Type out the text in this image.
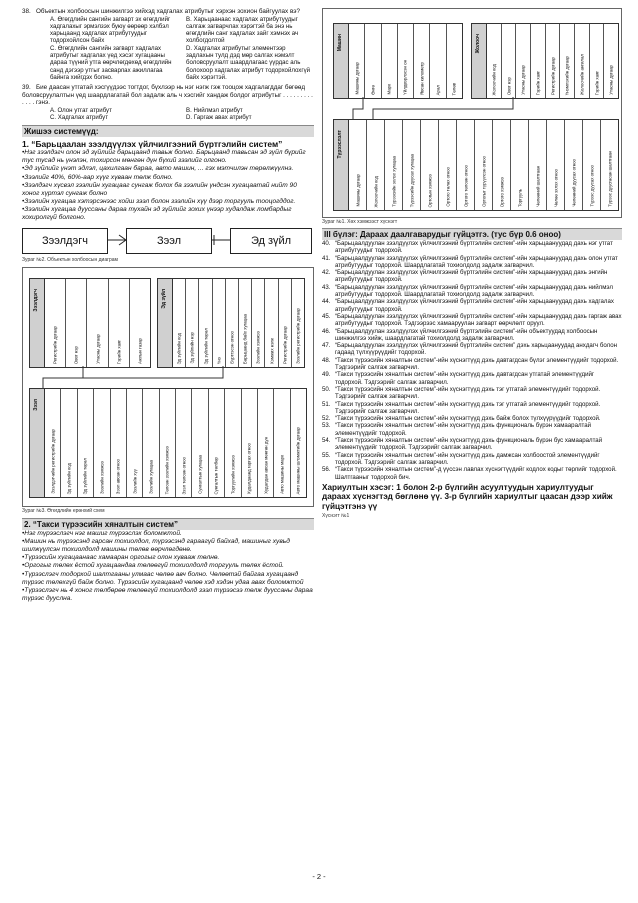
38. Объектын холбоосын шинжилгээ хийхэд хадгалах атрибутыг хэрхэн зохион байгуулах вэ?
A. Өгөгдлийн сангийн загварт эх өгөгдлийг хадгалахыг эрмэлзэх буюу өөрөөр хэлбэл харьцаанд хадгалах атрибутуудыг тодорхойлсон байх
B. Харьцаанаас хадгалах атрибутуудыг салгаж загварчлах хэрэгтэй ба энэ нь өгөгдлийн санг хадгалах зайг хэмнэх ач холбогдолтой
C. Өгөгдлийн сангийн загварт хадгалах атрибутыг хадгалах үед хэсэг хугацааны дараа түүний утга өөрчлөгдөхөд өгөгдлийн санд дэгээр утгыг засварлах ажиллагаа байнга хийгдэх болно.
D. Хадгалах атрибутыг элементээр задлахын тулд дэд мөр салгах нэмэлт боловсруулалт шаардлагаас үүрдас аль болохоор хадгалах атрибут тодорхойлохгүй байх хэрэгтэй.
39. Бие даасан утгатай хэсгүүдээс тогтдог, бүхлээр нь нэг нэгж гэж тооцож хадгалагддаг бөгөөд боловсруулалтын үед шаардлагатай бол задалж аль ч хэсгийг хандаж болдог атрибутыг . . . . . . . . . . . . . гэнэ.
A. Олон утгат атрибут	B. Нийлмэл атрибут
C. Хадгалах атрибут	D. Гаргаж авах атрибут
Жишээ системүүд:
1. “Барьцаалан зээлдүүлэх үйлчилгээний бүртгэлийн систем”
•Нэг зээлдэгч олон эд зүйлийг барьцаанд тавьж болно. Барьцаанд тавьсан эд зүйл бүрийг тус тусад нь үнэлэн, тохирсон мөнгөн дүн бүхий зээлийг олгоно.
•Эд зүйлийг үнэт эдлэл, цахилгаан бараа, авто машин, ... гэх мэтчилэн төрөлжүүлнэ.
•Зээлийг 40%, 60%-аар хүүг хүваан төлж болно.
•Зээлдэгч хүсвэл зээлийн хугацааг сунгаж болох ба зээлийн үндсэн хугацаатай нийт 90 хоног хүртэл сунгаж болно
•Зээлийн хугацаа хэтэрсэнээс хойш зээл болон зээлийн хүү дээр торгууль тооцогддог.
•Зээлийн хугацаа дууссаны дараа тухайн эд зүйлийг зохих үнээр худалдаж ломбардыг хохиролгүй болгоно.
Зээлдэгч	Зээл	Эд зүйл
Зураг №2. Объектын холбоосын диаграм
Зээлдэгч
Регистрийн дугаар	Овог нэр	Утасны дугаар	Гэрийн хаяг	Ажлын газар
Эд зүйл
Эд зүйлийн код Эд зүйлийн нэр Эд зүйлийн төрөл Үнэ Бүртгэсэн огноо Барьцаанд байх хугацаа Зээлийн хэмжээ Хэмжих нэгж Регистрийн дугаар Зээлийн регистрийн дугаар
Зээл
Зээлдэгчийн регистрийн дугаар	Эд зүйлийн код	Эд зүйлийн төрөл	Зээлийн хэмжээ	Зээл авсан огноо	Зээлийн хүү	Зээлийн хугацаа	Төлсөн зээлийн хэмжээ	Зээл төлсөн огноо	Сунгалтын хугацаа	Сунгалтын төлбөр	Торгуулийн хэмжээ	Худалдаанд гаргах огноо	Худалдан авсан мөнгөн дүн	Авто машины марк	Авто машины шлэмжтийн дугаар
Зураг №3. Өгөгдлийн ерөнхий схем
2. “Такси түрээсийн хяналтын систем”
•Нэг түрээслэгч нэг машиг түрээслэх боломжтой.
•Машин нь түрээсэнд гарсан тохиолдол, түрээсэнд гараагүй байхад, машиныг хувьд шилжүүлсэн тохиолдолд машины төлөв өөрчлөгдөнө.
•Түрээсийн хугацаанаас хамааран оргогыг олон хувааж төлнө.
•Оргогыг төлөх ёстой хугацаандаа төлөөгүй тохиолдолд торгууль төлөх ёстой.
•Түрээслэгч тодорхой шалтгааны улмаас чөлөө авч болно. Чөлөөтэй байгаа хугацаанд түрээс төлөхгүй байж болно. Түрээсийн хугацаанд чөлөө хэд хэдэн удаа авах боломжтой
•Түрээслэгч нь 4 хоног төлбөрөө төлөөгүй тохиолдолд зээл түрээсээ төлж дууссаны дараа түрээс дууслна.
Машин
Машины дугаар	Өнгө	Марк	Үйлдвэрлэсэн он	Явсан километр	Арал	Төлөв
Жолооч
Жолоочийн код Овог нэр Утасны дугаар Гэрийн хаяг Регистрийн дугаар Үнэмлэхийн дугаар Жолоочийн ангилал Гэрийн хаяг Утасны дугаар
Түрээслэлт
Машины дугаар	Жолоочийн код	Түрээсийн эхлэх хугацаа	Түрээсийн дуусах хугацаа	Ортогын хэмжээ	Ортого төлөх огноо	Ортого төлсөн огноо	Ортогыг түрүүлсэн огноо	Ортого хэмжээ	Торгууль	Чөлөөний шалтгаан	Чөлөө эхлэх огноо	Чөлөөний дуусах огноо	Түрээс дуусах огноо	Түрээс дуусгасан шалтгаан
Зураг №1. Хөх хэмжээст хүснэгт
III бүлэг: Дараах даалгаварудыг гүйцэтгэ. (тус бүр 0.6 оноо)
40. “Барьцаалдуулан зээлдүүлэх үйлчилгээний бүртгэлийн систем”-ийн харьцаануудад дахь нэг утгат атрибутуудыг тодорхой.
41. “Барьцаалдуулан зээлдүүлэх үйлчилгээний бүртгэлийн систем”-ийн харьцаануудад дахь олон утгат атрибутуудыг тодорхой. Шаардлагатай тохиолдолд задалж загварчил.
42. “Барьцаалдуулан зээлдүүлэх үйлчилгээний бүртгэлийн систем”-ийн харьцаануудад дахь энгийн атрибутуудыг тодорхой.
43. “Барьцаалдуулан зээлдүүлэх үйлчилгээний бүртгэлийн систем”-ийн харьцаануудад дахь нийлмэл атрибутуудыг тодорхой. Шаардлагатай тохиолдолд задалж загварчил.
44. “Барьцаалдуулан зээлдүүлэх үйлчилгээний бүртгэлийн систем”-ийн харьцаануудад дахь хадгалах атрибутуудыг тодорхой.
45. “Барьцаалдуулан зээлдүүлэх үйлчилгээний бүртгэлийн систем”-ийн харьцаануудад дахь гаргаж авах атрибутуудыг тодорхой. Тэдгээрээс хамааруулан загварт өөрчлөлт оруул.
46. “Барьцаалдуулан зээлдүүлэх үйлчилгээний бүртгэлийн систем”-ийн объектуудад холбоосын шинжилгээ хийж, шаардлагатай тохиолдолд задалж загварчил.
47. “Барьцаалдуулан зээлдүүлэх үйлчилгээний бүртгэлийн систем” дэхь харьцаануудад анхдагч болон гадаад түлхүүрүүдийг тодорхой.
48. “Такси түрээсийн хяналтын систем”-ийн хүснэгтүүд дэхь давтагдсан бүлэг элементүүдийг тодорхой. Тэдгээрийг салгаж загварчил.
49. “Такси түрээсийн хяналтын систем”-ийн хүснэгтүүд дэхь давтагдсан утгатай элементүүдийг тодорхой. Тэдгээрийг салгаж загварчил.
50. “Такси түрээсийн хяналтын систем”-ийн хүснэгтүүд дэхь тэг утгатай элементүүдийг тодорхой. Тэдгээрийг салгаж загварчил.
51. “Такси түрээсийн хяналтын систем”-ийн хүснэгтүүд дэхь тэг утгатай элементүүдийг тодорхой. Тэдгээрийг салгаж загварчил.
52. “Такси түрээсийн хяналтын систем”-ийн хүснэгтүүд дэхь байж болох түлхүүрүүдийг тодорхой.
53. “Такси түрээсийн хяналтын систем”-ийн хүснэгтүүд дэхь функциональ бүрэн хамааралтай элементүүдийг тодорхой.
54. “Такси түрээсийн хяналтын систем”-ийн хүснэгтүүд дэхь функциональ бүрэн бус хамааралтай элементүүдийг тодорхой. Тэдгээрийг салгаж загварчил.
55. “Такси түрээсийн хяналтын систем”-ийн хүснэгтүүд дэхь дамжсан холбоостой элементүүдийг тодорхой. Тэдгээрийг салгаж загварчил.
56. “Такси түрээсийн хяналтын систем”-д үүссэн лавлах хүснэгтүүдийг кодлох кодыг төрлийг тодорхой. Шалтгааныг тодорхой бич.
Хариултын хэсэг: 1 болон 2-р бүлгийн асуултуудын хариултуудыг дараах хүснэгтэд бөглөнө үү. 3-р бүлгийн хариултыг цаасан дээр хийж гүйцэтгэнэ үү
Хүснэгт №1
- 2 -
